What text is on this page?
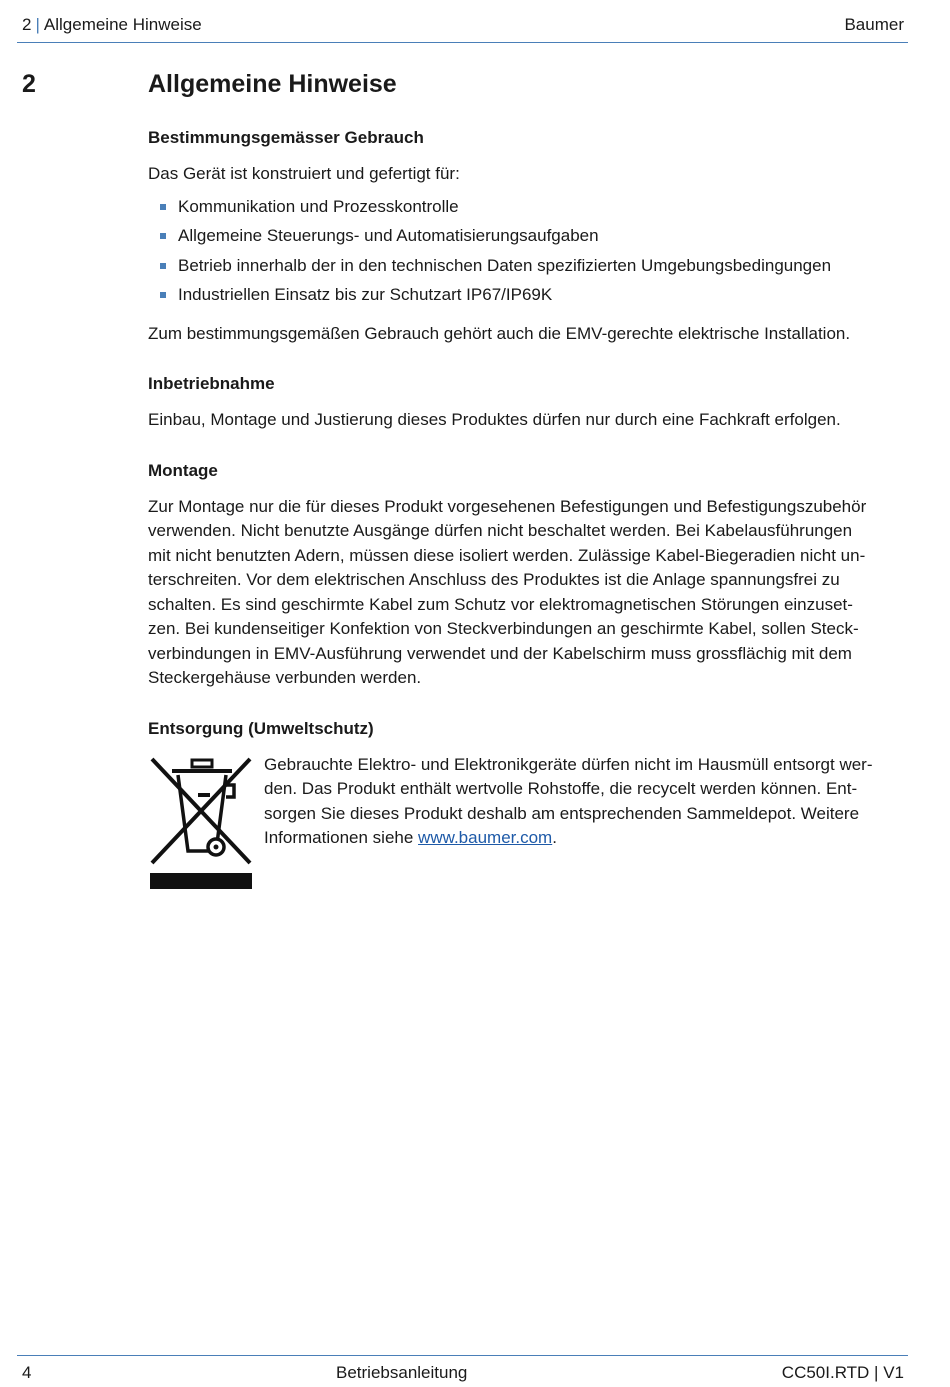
2 | Allgemeine Hinweise	Baumer
2	Allgemeine Hinweise
Bestimmungsgemässer Gebrauch

Das Gerät ist konstruiert und gefertigt für:

Kommunikation und Prozesskontrolle
Allgemeine Steuerungs- und Automatisierungsaufgaben
Betrieb innerhalb der in den technischen Daten spezifizierten Umgebungsbedingungen
Industriellen Einsatz bis zur Schutzart IP67/IP69K

Zum bestimmungsgemäßen Gebrauch gehört auch die EMV-gerechte elektrische Installation.

Inbetriebnahme

Einbau, Montage und Justierung dieses Produktes dürfen nur durch eine Fachkraft erfolgen.

Montage

Zur Montage nur die für dieses Produkt vorgesehenen Befestigungen und Befestigungszubehör
verwenden. Nicht benutzte Ausgänge dürfen nicht beschaltet werden. Bei Kabelausführungen
mit nicht benutzten Adern, müssen diese isoliert werden. Zulässige Kabel-Biegeradien nicht un-
terschreiten. Vor dem elektrischen Anschluss des Produktes ist die Anlage spannungsfrei zu
schalten. Es sind geschirmte Kabel zum Schutz vor elektromagnetischen Störungen einzuset-
zen. Bei kundenseitiger Konfektion von Steckverbindungen an geschirmte Kabel, sollen Steck-
verbindungen in EMV-Ausführung verwendet und der Kabelschirm muss grossflächig mit dem
Steckergehäuse verbunden werden.

Entsorgung (Umweltschutz)

Gebrauchte Elektro- und Elektronikgeräte dürfen nicht im Hausmüll entsorgt wer-
den. Das Produkt enthält wertvolle Rohstoffe, die recycelt werden können. Ent-
sorgen Sie dieses Produkt deshalb am entsprechenden Sammeldepot. Weitere
Informationen siehe www.baumer.com.

4	Betriebsanleitung	CC50I.RTD | V1
